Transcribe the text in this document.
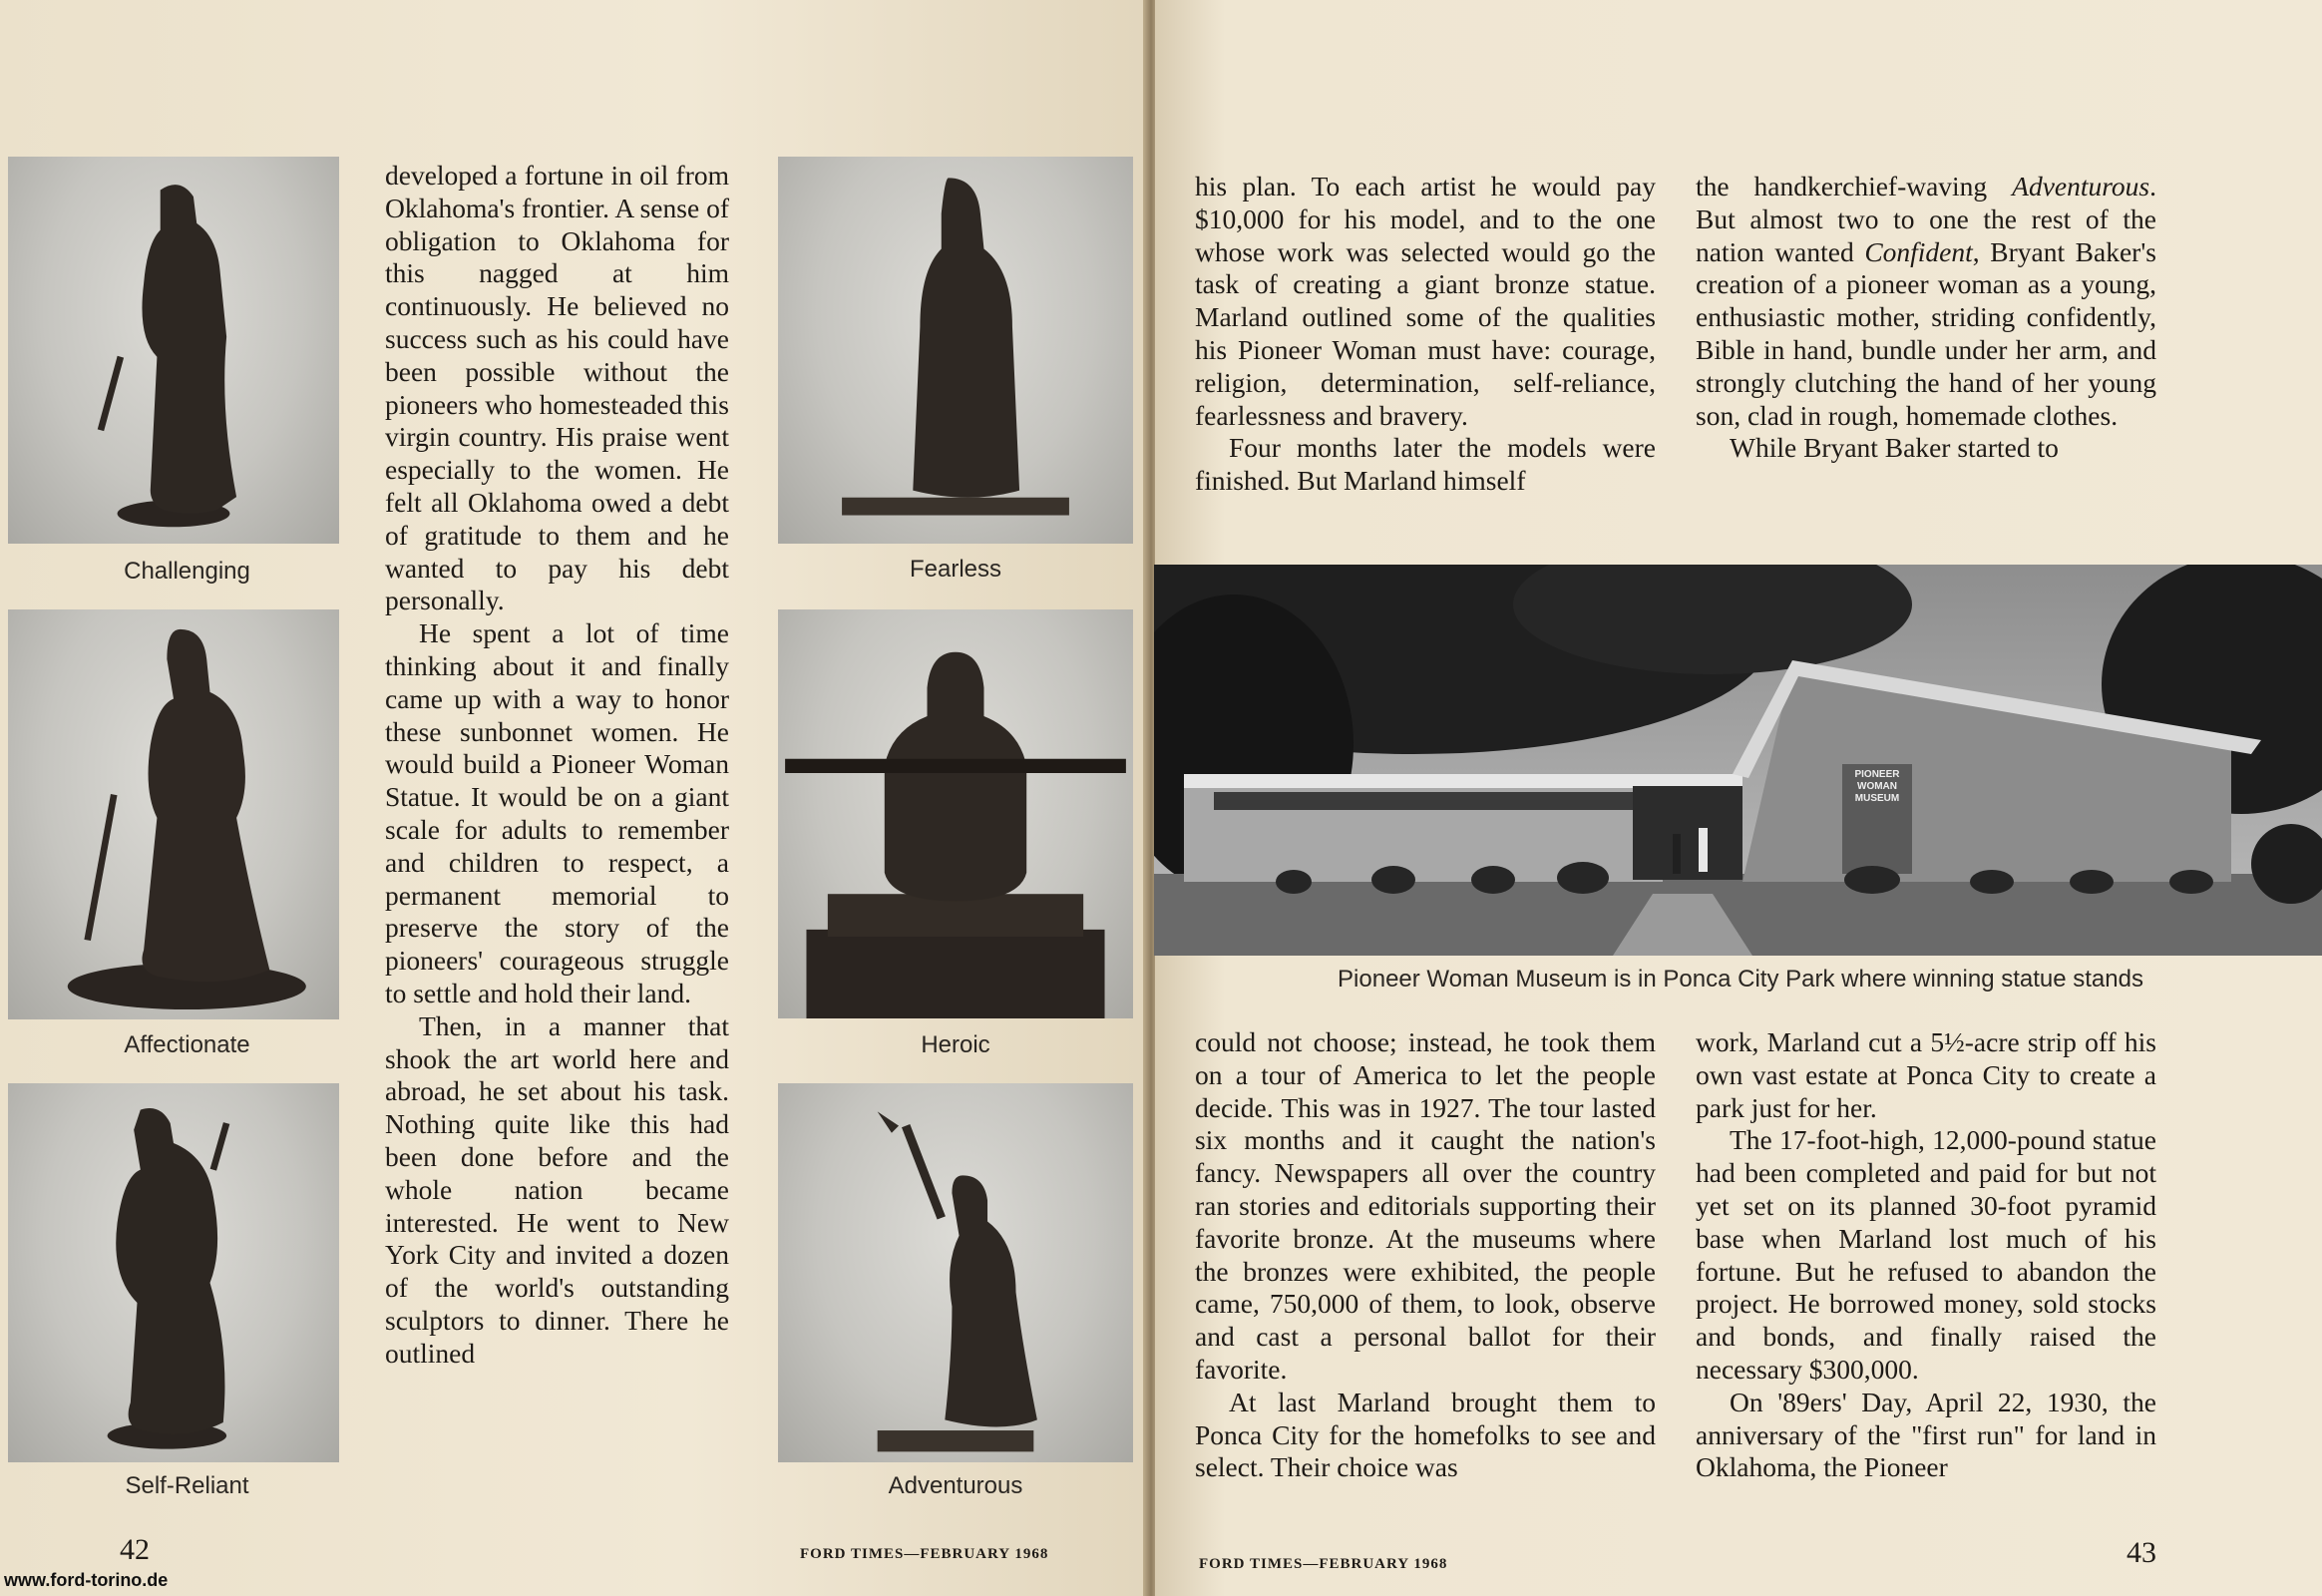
Challenging
Affectionate
Self-Reliant
Fearless
Heroic
Adventurous

developed a fortune in oil from Oklahoma's frontier. A sense of obligation to Oklahoma for this nagged at him continuously. He believed no success such as his could have been possible without the pioneers who homesteaded this virgin country. His praise went especially to the women. He felt all Oklahoma owed a debt of gratitude to them and he wanted to pay his debt personally.

He spent a lot of time thinking about it and finally came up with a way to honor these sunbonnet women. He would build a Pioneer Woman Statue. It would be on a giant scale for adults to remember and children to respect, a permanent memorial to preserve the story of the pioneers' courageous struggle to settle and hold their land.

Then, in a manner that shook the art world here and abroad, he set about his task. Nothing quite like this had been done before and the whole nation became interested. He went to New York City and invited a dozen of the world's outstanding sculptors to dinner. There he outlined

42	FORD TIMES—FEBRUARY 1968
www.ford-torino.de

his plan. To each artist he would pay $10,000 for his model, and to the one whose work was selected would go the task of creating a giant bronze statue. Marland outlined some of the qualities his Pioneer Woman must have: courage, religion, determination, self-reliance, fearlessness and bravery.

Four months later the models were finished. But Marland himself

the handkerchief-waving Adventurous. But almost two to one the rest of the nation wanted Confident, Bryant Baker's creation of a pioneer woman as a young, enthusiastic mother, striding confidently, Bible in hand, bundle under her arm, and strongly clutching the hand of her young son, clad in rough, homemade clothes.

While Bryant Baker started to

PIONEER
WOMAN
MUSEUM
Pioneer Woman Museum is in Ponca City Park where winning statue stands

could not choose; instead, he took them on a tour of America to let the people decide. This was in 1927. The tour lasted six months and it caught the nation's fancy. Newspapers all over the country ran stories and editorials supporting their favorite bronze. At the museums where the bronzes were exhibited, the people came, 750,000 of them, to look, observe and cast a personal ballot for their favorite.

At last Marland brought them to Ponca City for the homefolks to see and select. Their choice was

work, Marland cut a 5½-acre strip off his own vast estate at Ponca City to create a park just for her.

The 17-foot-high, 12,000-pound statue had been completed and paid for but not yet set on its planned 30-foot pyramid base when Marland lost much of his fortune. But he refused to abandon the project. He borrowed money, sold stocks and bonds, and finally raised the necessary $300,000.

On '89ers' Day, April 22, 1930, the anniversary of the "first run" for land in Oklahoma, the Pioneer

FORD TIMES—FEBRUARY 1968	43
